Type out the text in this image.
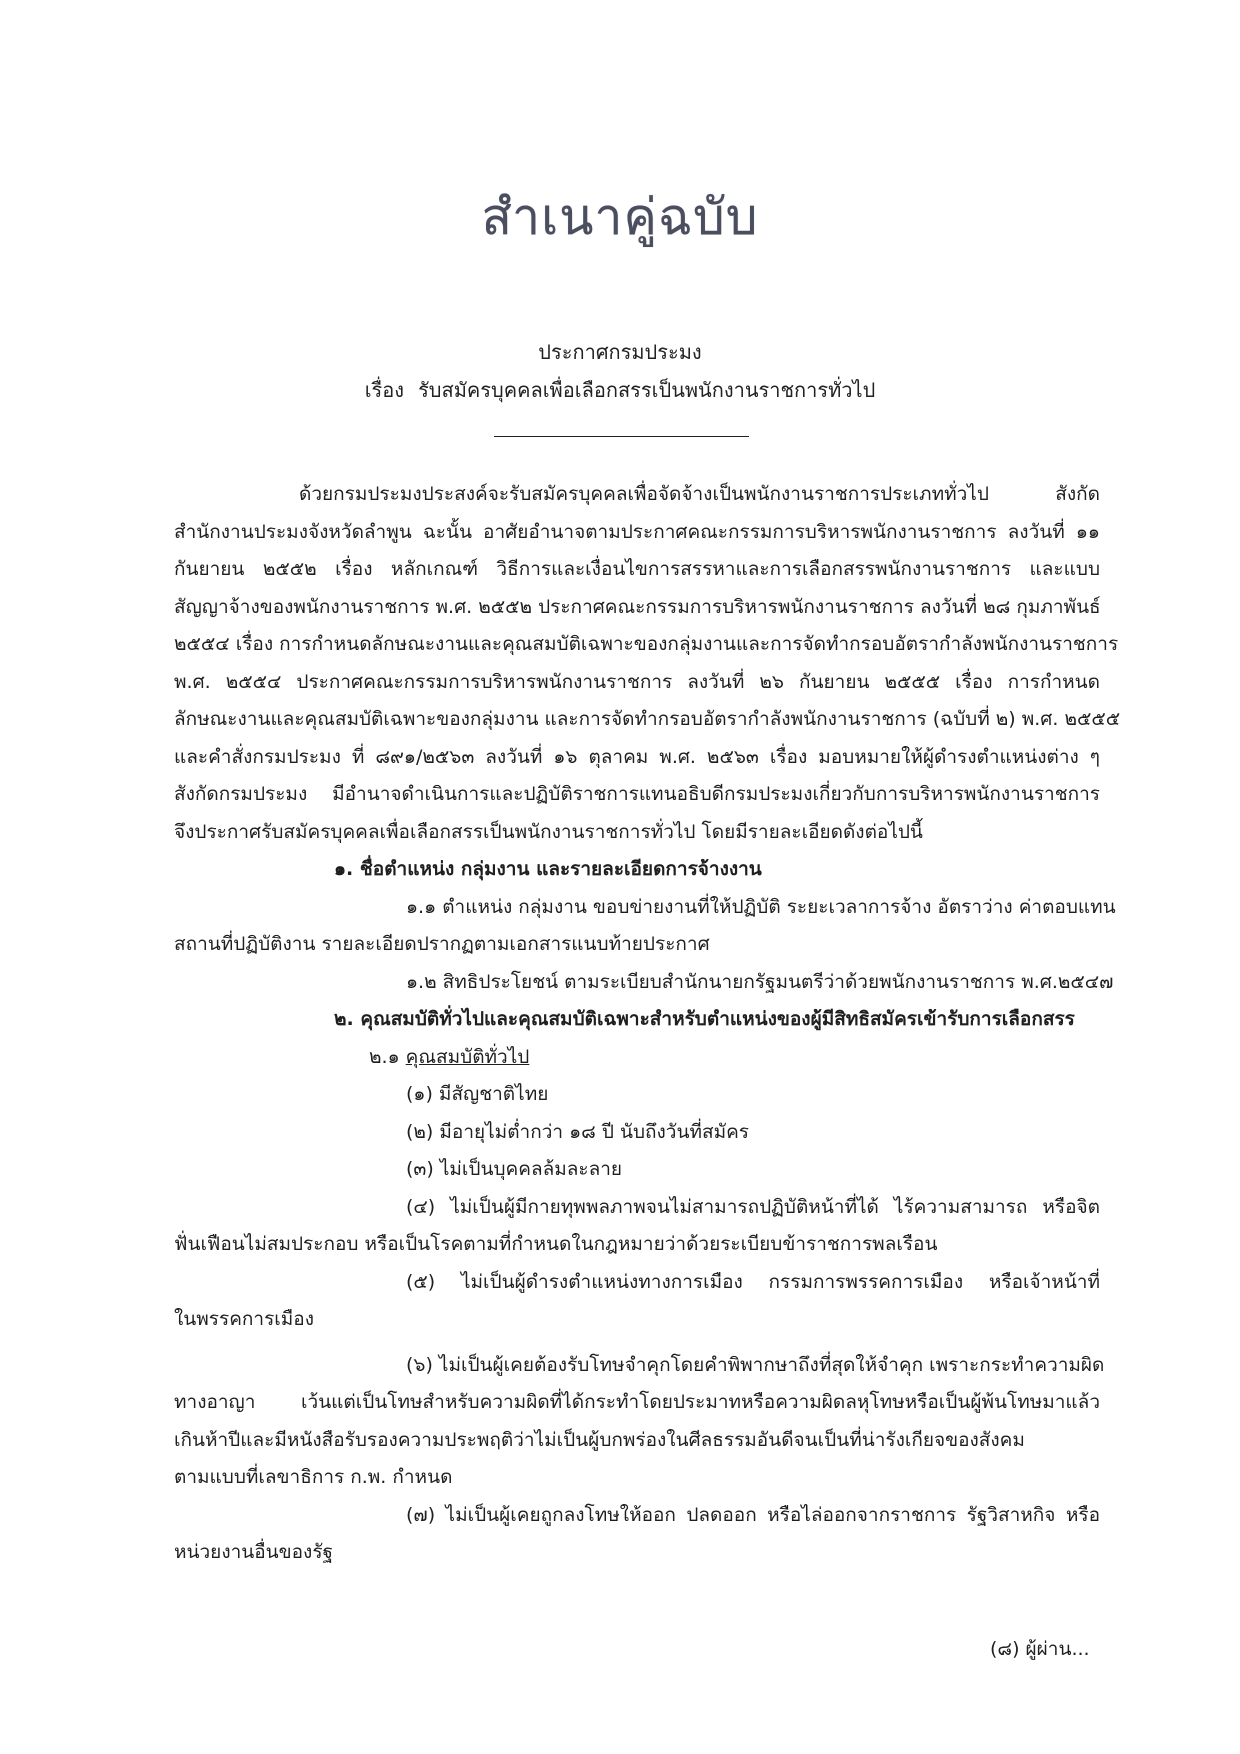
สำเนาคู่ฉบับ
ประกาศกรมประมง
เรื่อง รับสมัครบุคคลเพื่อเลือกสรรเป็นพนักงานราชการทั่วไป
ด้วยกรมประมงประสงค์จะรับสมัครบุคคลเพื่อจัดจ้างเป็นพนักงานราชการประเภททั่วไป สังกัด
สำนักงานประมงจังหวัดลำพูน ฉะนั้น อาศัยอำนาจตามประกาศคณะกรรมการบริหารพนักงานราชการ ลงวันที่ ๑๑
กันยายน ๒๕๕๒ เรื่อง หลักเกณฑ์ วิธีการและเงื่อนไขการสรรหาและการเลือกสรรพนักงานราชการ และแบบ
สัญญาจ้างของพนักงานราชการ พ.ศ. ๒๕๕๒ ประกาศคณะกรรมการบริหารพนักงานราชการ ลงวันที่ ๒๘ กุมภาพันธ์
๒๕๕๔ เรื่อง การกำหนดลักษณะงานและคุณสมบัติเฉพาะของกลุ่มงานและการจัดทำกรอบอัตรากำลังพนักงานราชการ
พ.ศ. ๒๕๕๔ ประกาศคณะกรรมการบริหารพนักงานราชการ ลงวันที่ ๒๖ กันยายน ๒๕๕๕ เรื่อง การกำหนด
ลักษณะงานและคุณสมบัติเฉพาะของกลุ่มงาน และการจัดทำกรอบอัตรากำลังพนักงานราชการ (ฉบับที่ ๒) พ.ศ. ๒๕๕๕
และคำสั่งกรมประมง ที่ ๘๙๑/๒๕๖๓ ลงวันที่ ๑๖ ตุลาคม พ.ศ. ๒๕๖๓ เรื่อง มอบหมายให้ผู้ดำรงตำแหน่งต่าง ๆ
สังกัดกรมประมง มีอำนาจดำเนินการและปฏิบัติราชการแทนอธิบดีกรมประมงเกี่ยวกับการบริหารพนักงานราชการ
จึงประกาศรับสมัครบุคคลเพื่อเลือกสรรเป็นพนักงานราชการทั่วไป โดยมีรายละเอียดดังต่อไปนี้
๑. ชื่อตำแหน่ง กลุ่มงาน และรายละเอียดการจ้างงาน
๑.๑ ตำแหน่ง กลุ่มงาน ขอบข่ายงานที่ให้ปฏิบัติ ระยะเวลาการจ้าง อัตราว่าง ค่าตอบแทน
สถานที่ปฏิบัติงาน รายละเอียดปรากฏตามเอกสารแนบท้ายประกาศ
๑.๒ สิทธิประโยชน์ ตามระเบียบสำนักนายกรัฐมนตรีว่าด้วยพนักงานราชการ พ.ศ.๒๕๔๗
๒. คุณสมบัติทั่วไปและคุณสมบัติเฉพาะสำหรับตำแหน่งของผู้มีสิทธิสมัครเข้ารับการเลือกสรร
๒.๑ คุณสมบัติทั่วไป
(๑) มีสัญชาติไทย
(๒) มีอายุไม่ต่ำกว่า ๑๘ ปี นับถึงวันที่สมัคร
(๓) ไม่เป็นบุคคลล้มละลาย
(๔) ไม่เป็นผู้มีกายทุพพลภาพจนไม่สามารถปฏิบัติหน้าที่ได้ ไร้ความสามารถ หรือจิต
ฟั่นเฟือนไม่สมประกอบ หรือเป็นโรคตามที่กำหนดในกฎหมายว่าด้วยระเบียบข้าราชการพลเรือน
(๕) ไม่เป็นผู้ดำรงตำแหน่งทางการเมือง กรรมการพรรคการเมือง หรือเจ้าหน้าที่
ในพรรคการเมือง
(๖) ไม่เป็นผู้เคยต้องรับโทษจำคุกโดยคำพิพากษาถึงที่สุดให้จำคุก เพราะกระทำความผิด
ทางอาญา เว้นแต่เป็นโทษสำหรับความผิดที่ได้กระทำโดยประมาทหรือความผิดลหุโทษหรือเป็นผู้พ้นโทษมาแล้ว
เกินห้าปีและมีหนังสือรับรองความประพฤติว่าไม่เป็นผู้บกพร่องในศีลธรรมอันดีจนเป็นที่น่ารังเกียจของสังคม
ตามแบบที่เลขาธิการ ก.พ. กำหนด
(๗) ไม่เป็นผู้เคยถูกลงโทษให้ออก ปลดออก หรือไล่ออกจากราชการ รัฐวิสาหกิจ หรือ
หน่วยงานอื่นของรัฐ
(๘) ผู้ผ่าน...
